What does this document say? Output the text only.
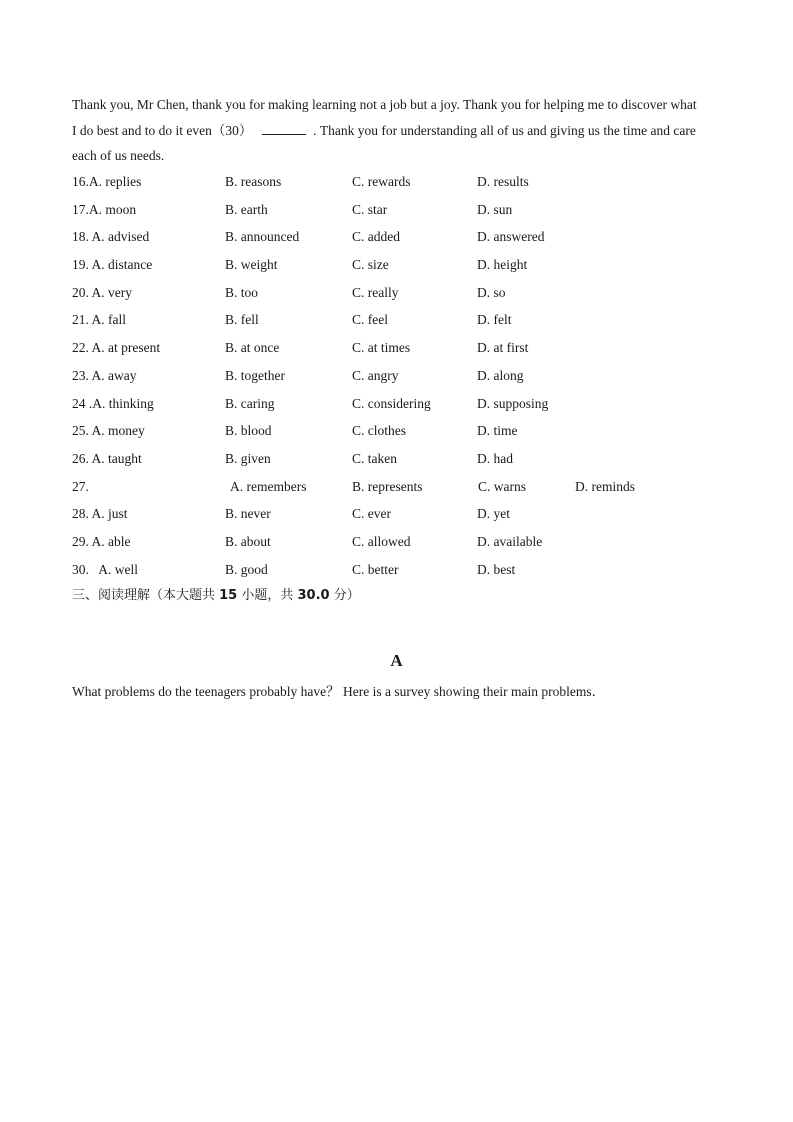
Thank you, Mr Chen, thank you for making learning not a job but a joy. Thank you for helping me to discover what
I do best and to do it even（30）	. Thank you for understanding all of us and giving us the time and care
each of us needs.
16.A. replies	B. reasons	C. rewards	D. results
17.A. moon	B. earth	C. star	D. sun
18. A. advised	B. announced	C. added	D. answered
19. A. distance	B. weight	C. size	D. height
20. A. very	B. too	C. really	D. so
21. A. fall	B. fell	C. feel	D. felt
22. A. at present	B. at once	C. at times	D. at first
23. A. away	B. together	C. angry	D. along
24 .A. thinking	B. caring	C. considering	D. supposing
25. A. money	B. blood	C. clothes	D. time
26. A. taught	B. given	C. taken	D. had
27.	A. remembers	B. represents	C. warns	D. reminds
28. A. just	B. never	C. ever	D. yet
29. A. able	B. about	C. allowed	D. available
30.   A. well	B. good	C. better	D. best
三、阅读理解（本大题共 15 小题，共 30.0 分）
A
What problems do the teenagers probably have？ Here is a survey showing their main problems．
